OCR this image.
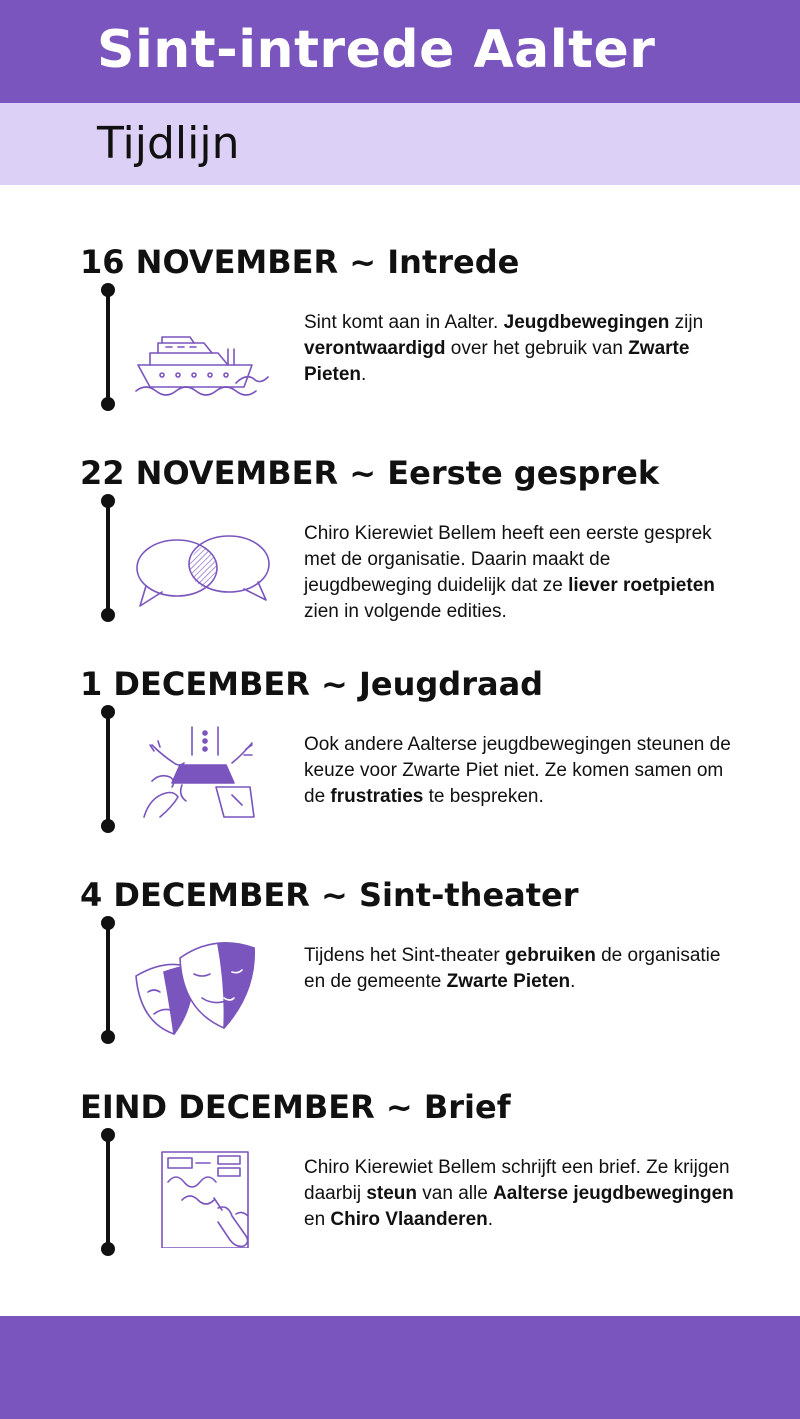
Sint-intrede Aalter
Tijdlijn
16 NOVEMBER ~ Intrede
Sint komt aan in Aalter. Jeugdbewegingen zijn verontwaardigd over het gebruik van Zwarte Pieten.
22 NOVEMBER ~ Eerste gesprek
Chiro Kierewiet Bellem heeft een eerste gesprek met de organisatie. Daarin maakt de jeugdbeweging duidelijk dat ze liever roetpieten zien in volgende edities.
1 DECEMBER ~ Jeugdraad
Ook andere Aalterse jeugdbewegingen steunen de keuze voor Zwarte Piet niet. Ze komen samen om de frustraties te bespreken.
4 DECEMBER ~ Sint-theater
Tijdens het Sint-theater gebruiken de organisatie en de gemeente Zwarte Pieten.
EIND DECEMBER ~ Brief
Chiro Kierewiet Bellem schrijft een brief. Ze krijgen daarbij steun van alle Aalterse jeugdbewegingen en Chiro Vlaanderen.
